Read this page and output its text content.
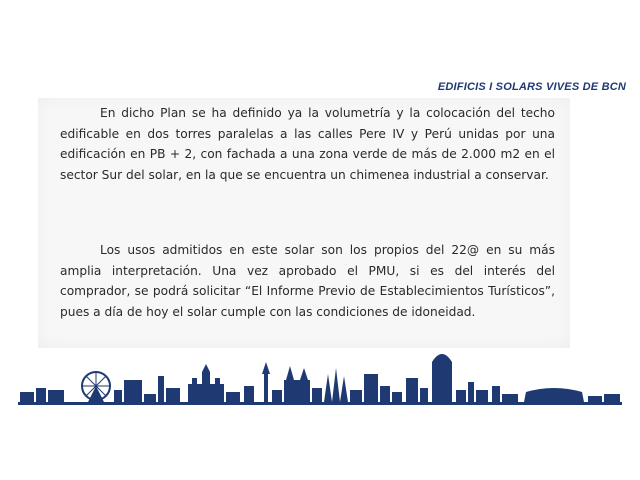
EDIFICIS I SOLARS VIVES DE BCN

En dicho Plan se ha definido ya la volumetría y la colocación del techo edificable en dos torres paralelas a las calles Pere IV y Perú unidas por una edificación en PB + 2, con fachada a una zona verde de más de 2.000 m2 en el sector Sur del solar, en la que se encuentra un chimenea industrial a conservar.

Los usos admitidos en este solar son los propios del 22@ en su más amplia interpretación. Una vez aprobado el PMU, si es del interés del comprador, se podrá solicitar “El Informe Previo de Establecimientos Turísticos”, pues a día de hoy el solar cumple con las condiciones de idoneidad.
